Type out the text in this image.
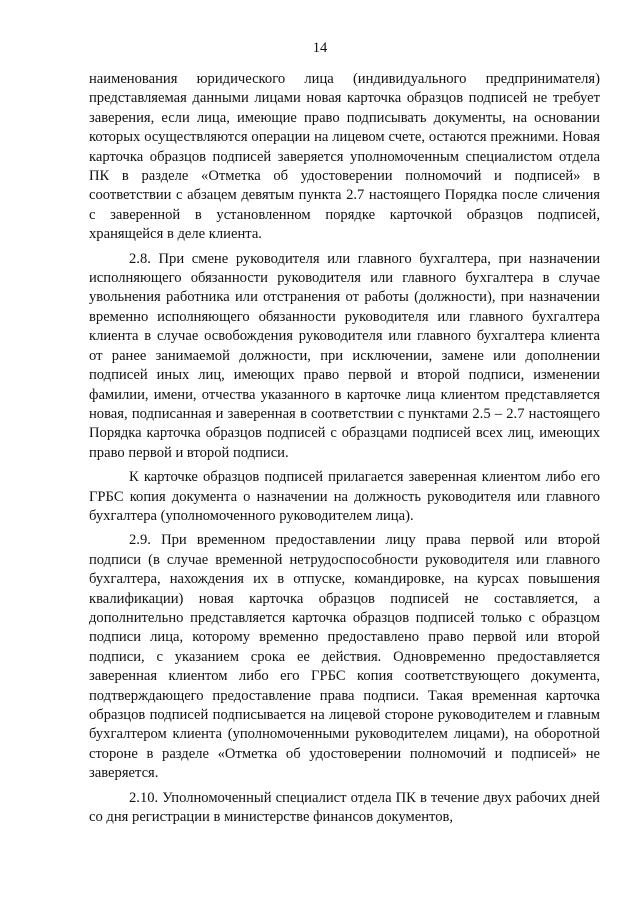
14

наименования юридического лица (индивидуального предпринимателя) представляемая данными лицами новая карточка образцов подписей не требует заверения, если лица, имеющие право подписывать документы, на основании которых осуществляются операции на лицевом счете, остаются прежними. Новая карточка образцов подписей заверяется уполномоченным специалистом отдела ПК в разделе «Отметка об удостоверении полномочий и подписей» в соответствии с абзацем девятым пункта 2.7 настоящего Порядка после сличения с заверенной в установленном порядке карточкой образцов подписей, хранящейся в деле клиента.

2.8. При смене руководителя или главного бухгалтера, при назначении исполняющего обязанности руководителя или главного бухгалтера в случае увольнения работника или отстранения от работы (должности), при назначении временно исполняющего обязанности руководителя или главного бухгалтера клиента в случае освобождения руководителя или главного бухгалтера клиента от ранее занимаемой должности, при исключении, замене или дополнении подписей иных лиц, имеющих право первой и второй подписи, изменении фамилии, имени, отчества указанного в карточке лица клиентом представляется новая, подписанная и заверенная в соответствии с пунктами 2.5 – 2.7 настоящего Порядка карточка образцов подписей с образцами подписей всех лиц, имеющих право первой и второй подписи.

К карточке образцов подписей прилагается заверенная клиентом либо его ГРБС копия документа о назначении на должность руководителя или главного бухгалтера (уполномоченного руководителем лица).

2.9. При временном предоставлении лицу права первой или второй подписи (в случае временной нетрудоспособности руководителя или главного бухгалтера, нахождения их в отпуске, командировке, на курсах повышения квалификации) новая карточка образцов подписей не составляется, а дополнительно представляется карточка образцов подписей только с образцом подписи лица, которому временно предоставлено право первой или второй подписи, с указанием срока ее действия. Одновременно предоставляется заверенная клиентом либо его ГРБС копия соответствующего документа, подтверждающего предоставление права подписи. Такая временная карточка образцов подписей подписывается на лицевой стороне руководителем и главным бухгалтером клиента (уполномоченными руководителем лицами), на оборотной стороне в разделе «Отметка об удостоверении полномочий и подписей» не заверяется.

2.10. Уполномоченный специалист отдела ПК в течение двух рабочих дней со дня регистрации в министерстве финансов документов,
